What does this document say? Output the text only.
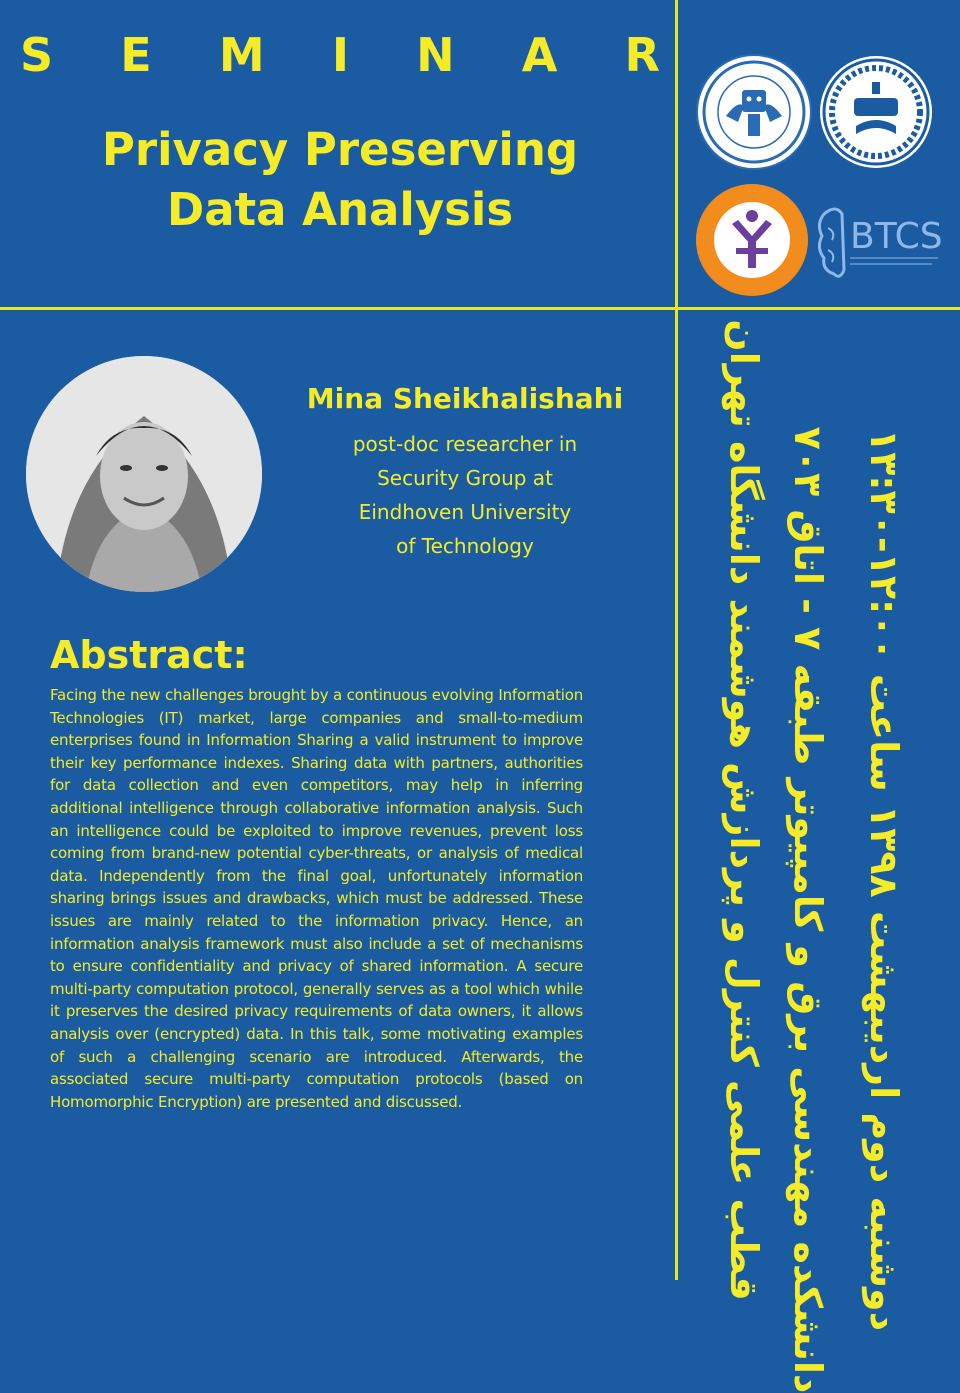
S E M I N A R
Privacy Preserving
Data Analysis
BTCS
Mina Sheikhalishahi
post-doc researcher in
Security Group at
Eindhoven University
of Technology
Abstract:
Facing the new challenges brought by a continuous evolving Information Technologies (IT) market, large companies and small-to-medium enterprises found in Information Sharing a valid instrument to improve their key performance indexes. Sharing data with partners, authorities for data collection and even competitors, may help in inferring additional intelligence through collaborative information analysis. Such an intelligence could be exploited to improve revenues, prevent loss coming from brand-new potential cyber-threats, or analysis of medical data. Independently from the final goal, unfortunately information sharing brings issues and drawbacks, which must be addressed. These issues are mainly related to the information privacy. Hence, an information analysis framework must also include a set of mechanisms to ensure confidentiality and privacy of shared information. A secure multi-party computation protocol, generally serves as a tool which while it preserves the desired privacy requirements of data owners, it allows analysis over (encrypted) data. In this talk, some motivating examples of such a challenging scenario are introduced. Afterwards, the associated secure multi-party computation protocols (based on Homomorphic Encryption) are presented and discussed.	قطب علمی کنترل و پردازش هوشمند دانشگاه تهران دانشکده مهندسی برق و کامپیوتر طبقه ۷ - اتاق ۷۰۳
دوشنبه دوم اردیبهشت ۱۳۹۸ ساعت ۱۲:۰۰-۱۳:۳۰
